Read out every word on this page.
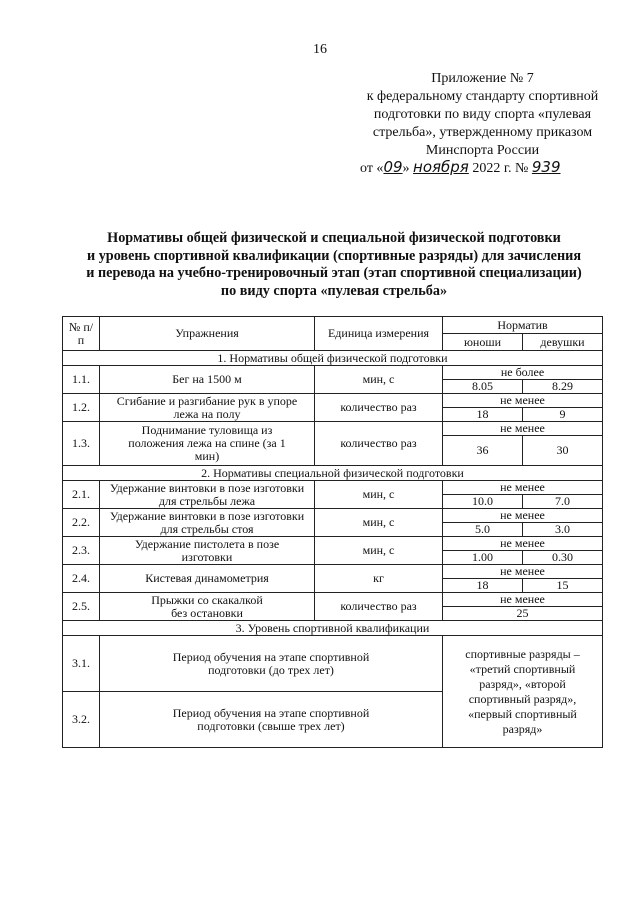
16
Приложение № 7
к федеральному стандарту спортивной
подготовки по виду спорта «пулевая
стрельба», утвержденному приказом
Минспорта России
от «09» ноября 2022 г. № 939
Нормативы общей физической и специальной физической подготовки
и уровень спортивной квалификации (спортивные разряды) для зачисления
и перевода на учебно-тренировочный этап (этап спортивной специализации)
по виду спорта «пулевая стрельба»
№ п/п	Упражнения	Единица измерения	Норматив	
			юноши	девушки
1. Нормативы общей физической подготовки				
1.1.	Бег на 1500 м	мин, с	не более	
			8.05	8.29
1.2.	Сгибание и разгибание рук в упоре лежа на полу	количество раз	не менее	
			18	9
1.3.	Поднимание туловища из положения лежа на спине (за 1 мин)	количество раз	не менее	
			36	30
2. Нормативы специальной физической подготовки				
2.1.	Удержание винтовки в позе изготовки для стрельбы лежа	мин, с	не менее	
			10.0	7.0
2.2.	Удержание винтовки в позе изготовки для стрельбы стоя	мин, с	не менее	
			5.0	3.0
2.3.	Удержание пистолета в позе изготовки	мин, с	не менее	
			1.00	0.30
2.4.	Кистевая динамометрия	кг	не менее	
			18	15
2.5.	Прыжки со скакалкой без остановки	количество раз	не менее	
			25	
3. Уровень спортивной квалификации				
3.1.	Период обучения на этапе спортивной подготовки (до трех лет)		спортивные разряды – «третий спортивный разряд», «второй спортивный разряд», «первый спортивный разряд»	
3.2.	Период обучения на этапе спортивной подготовки (свыше трех лет)			
